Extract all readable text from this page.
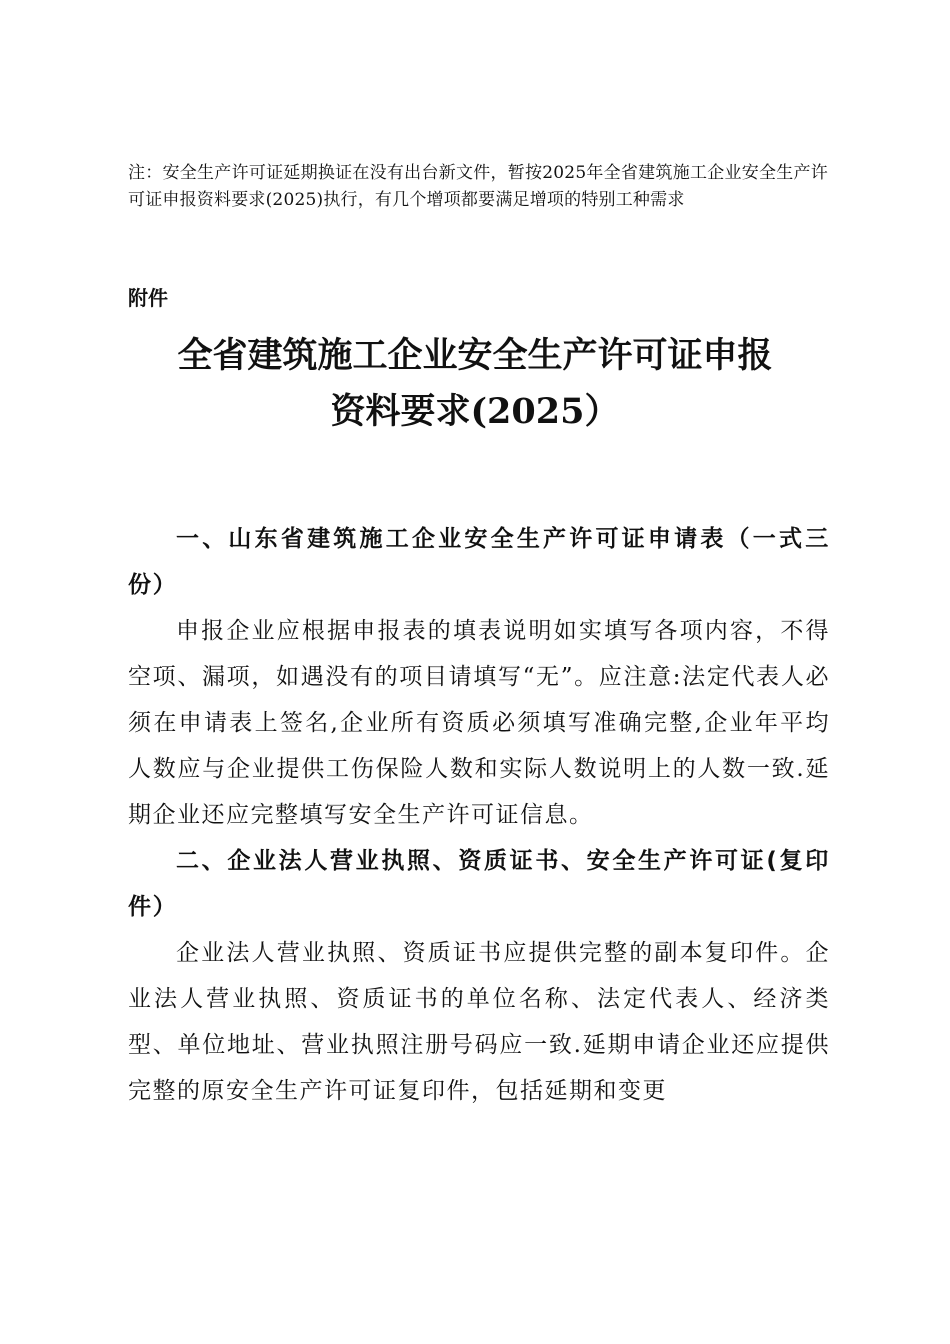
注：安全生产许可证延期换证在没有出台新文件，暂按2025年全省建筑施工企业安全生产许可证申报资料要求(2025)执行，有几个增项都要满足增项的特别工种需求
附件
全省建筑施工企业安全生产许可证申报
资料要求(2025）

一、山东省建筑施工企业安全生产许可证申请表（一式三份）

申报企业应根据申报表的填表说明如实填写各项内容，不得空项、漏项，如遇没有的项目请填写“无”。应注意:法定代表人必须在申请表上签名,企业所有资质必须填写准确完整,企业年平均人数应与企业提供工伤保险人数和实际人数说明上的人数一致.延期企业还应完整填写安全生产许可证信息。

二、企业法人营业执照、资质证书、安全生产许可证(复印件）

企业法人营业执照、资质证书应提供完整的副本复印件。企业法人营业执照、资质证书的单位名称、法定代表人、经济类型、单位地址、营业执照注册号码应一致.延期申请企业还应提供完整的原安全生产许可证复印件，包括延期和变更
